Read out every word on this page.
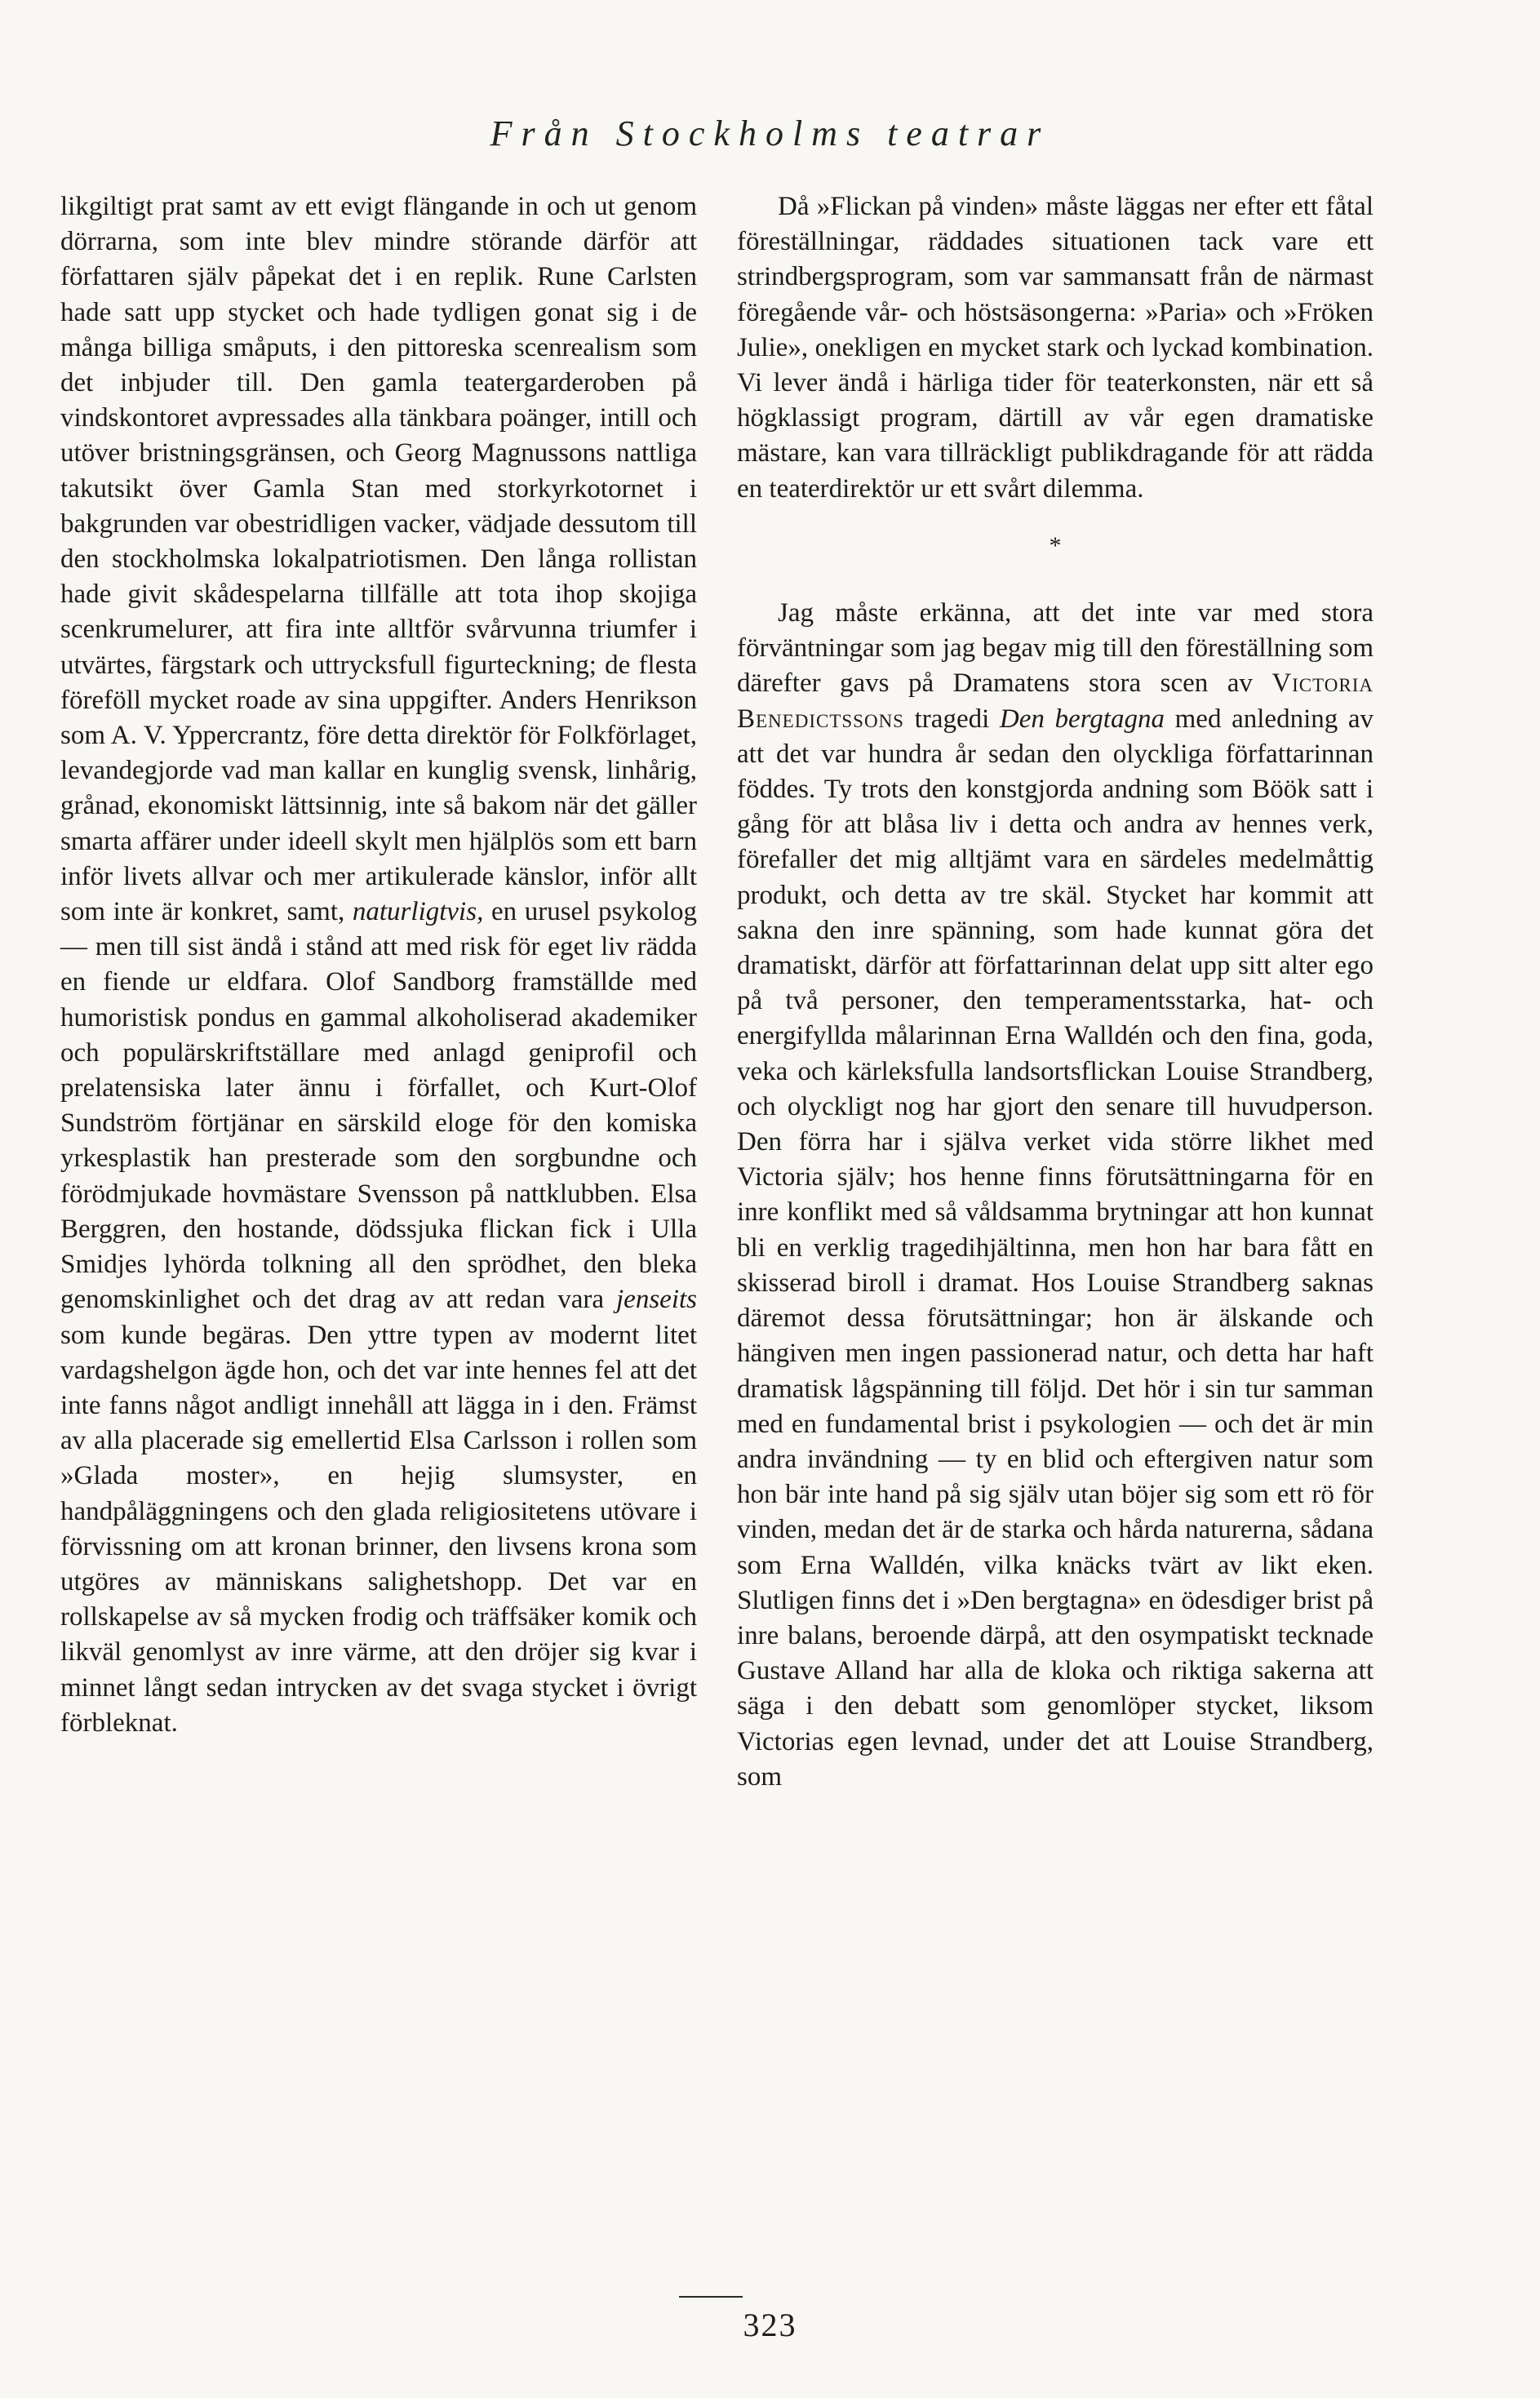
Från Stockholms teatrar

likgiltigt prat samt av ett evigt flängande in och ut genom dörrarna, som inte blev mindre störande därför att författaren själv påpekat det i en replik. Rune Carlsten hade satt upp stycket och hade tydligen gonat sig i de många billiga småputs, i den pittoreska scenrealism som det inbjuder till. Den gamla teatergarderoben på vindskontoret avpressades alla tänkbara poänger, intill och utöver bristningsgränsen, och Georg Magnussons nattliga takutsikt över Gamla Stan med storkyrkotornet i bakgrunden var obestridligen vacker, vädjade dessutom till den stockholmska lokalpatriotismen. Den långa rollistan hade givit skådespelarna tillfälle att tota ihop skojiga scenkrumelurer, att fira inte alltför svårvunna triumfer i utvärtes, färgstark och uttrycksfull figurteckning; de flesta föreföll mycket roade av sina uppgifter. Anders Henrikson som A. V. Yppercrantz, före detta direktör för Folkförlaget, levandegjorde vad man kallar en kunglig svensk, linhårig, grånad, ekonomiskt lättsinnig, inte så bakom när det gäller smarta affärer under ideell skylt men hjälplös som ett barn inför livets allvar och mer artikulerade känslor, inför allt som inte är konkret, samt, naturligtvis, en urusel psykolog — men till sist ändå i stånd att med risk för eget liv rädda en fiende ur eldfara. Olof Sandborg framställde med humoristisk pondus en gammal alkoholiserad akademiker och populärskriftställare med anlagd geniprofil och prelatensiska later ännu i förfallet, och Kurt-Olof Sundström förtjänar en särskild eloge för den komiska yrkesplastik han presterade som den sorgbundne och förödmjukade hovmästare Svensson på nattklubben. Elsa Berggren, den hostande, dödssjuka flickan fick i Ulla Smidjes lyhörda tolkning all den sprödhet, den bleka genomskinlighet och det drag av att redan vara jenseits som kunde begäras. Den yttre typen av modernt litet vardagshelgon ägde hon, och det var inte hennes fel att det inte fanns något andligt innehåll att lägga in i den. Främst av alla placerade sig emellertid Elsa Carlsson i rollen som »Glada moster», en hejig slumsyster, en handpåläggningens och den glada religiositetens utövare i förvissning om att kronan brinner, den livsens krona som utgöres av människans salighetshopp. Det var en rollskapelse av så mycken frodig och träffsäker komik och likväl genomlyst av inre värme, att den dröjer sig kvar i minnet långt sedan intrycken av det svaga stycket i övrigt förbleknat.

Då »Flickan på vinden» måste läggas ner efter ett fåtal föreställningar, räddades situationen tack vare ett strindbergsprogram, som var sammansatt från de närmast föregående vår- och höstsäsongerna: »Paria» och »Fröken Julie», onekligen en mycket stark och lyckad kombination. Vi lever ändå i härliga tider för teaterkonsten, när ett så högklassigt program, därtill av vår egen dramatiske mästare, kan vara tillräckligt publikdragande för att rädda en teaterdirektör ur ett svårt dilemma.

*

Jag måste erkänna, att det inte var med stora förväntningar som jag begav mig till den föreställning som därefter gavs på Dramatens stora scen av Victoria Benedictssons tragedi Den bergtagna med anledning av att det var hundra år sedan den olyckliga författarinnan föddes. Ty trots den konstgjorda andning som Böök satt i gång för att blåsa liv i detta och andra av hennes verk, förefaller det mig alltjämt vara en särdeles medelmåttig produkt, och detta av tre skäl. Stycket har kommit att sakna den inre spänning, som hade kunnat göra det dramatiskt, därför att författarinnan delat upp sitt alter ego på två personer, den temperamentsstarka, hat- och energifyllda målarinnan Erna Walldén och den fina, goda, veka och kärleksfulla landsortsflickan Louise Strandberg, och olyckligt nog har gjort den senare till huvudperson. Den förra har i själva verket vida större likhet med Victoria själv; hos henne finns förutsättningarna för en inre konflikt med så våldsamma brytningar att hon kunnat bli en verklig tragedihjältinna, men hon har bara fått en skisserad biroll i dramat. Hos Louise Strandberg saknas däremot dessa förutsättningar; hon är älskande och hängiven men ingen passionerad natur, och detta har haft dramatisk lågspänning till följd. Det hör i sin tur samman med en fundamental brist i psykologien — och det är min andra invändning — ty en blid och eftergiven natur som hon bär inte hand på sig själv utan böjer sig som ett rö för vinden, medan det är de starka och hårda naturerna, sådana som Erna Walldén, vilka knäcks tvärt av likt eken. Slutligen finns det i »Den bergtagna» en ödesdiger brist på inre balans, beroende därpå, att den osympatiskt tecknade Gustave Alland har alla de kloka och riktiga sakerna att säga i den debatt som genomlöper stycket, liksom Victorias egen levnad, under det att Louise Strandberg, som

323
